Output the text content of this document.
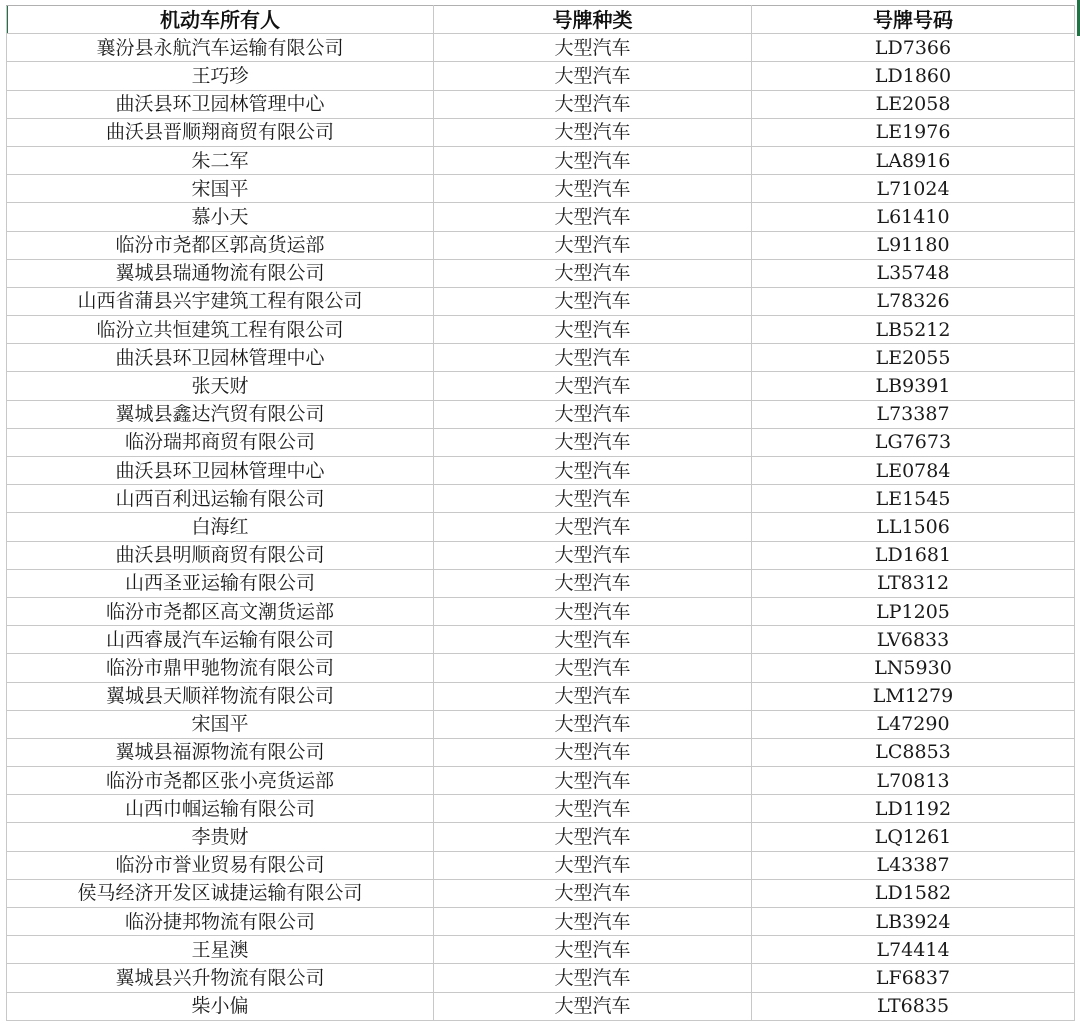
机动车所有人	号牌种类	号牌号码
襄汾县永航汽车运输有限公司	大型汽车	LD7366
王巧珍	大型汽车	LD1860
曲沃县环卫园林管理中心	大型汽车	LE2058
曲沃县晋顺翔商贸有限公司	大型汽车	LE1976
朱二军	大型汽车	LA8916
宋国平	大型汽车	L71024
慕小天	大型汽车	L61410
临汾市尧都区郭高货运部	大型汽车	L91180
翼城县瑞通物流有限公司	大型汽车	L35748
山西省蒲县兴宇建筑工程有限公司	大型汽车	L78326
临汾立共恒建筑工程有限公司	大型汽车	LB5212
曲沃县环卫园林管理中心	大型汽车	LE2055
张天财	大型汽车	LB9391
翼城县鑫达汽贸有限公司	大型汽车	L73387
临汾瑞邦商贸有限公司	大型汽车	LG7673
曲沃县环卫园林管理中心	大型汽车	LE0784
山西百利迅运输有限公司	大型汽车	LE1545
白海红	大型汽车	LL1506
曲沃县明顺商贸有限公司	大型汽车	LD1681
山西圣亚运输有限公司	大型汽车	LT8312
临汾市尧都区高文潮货运部	大型汽车	LP1205
山西睿晟汽车运输有限公司	大型汽车	LV6833
临汾市鼎甲驰物流有限公司	大型汽车	LN5930
翼城县天顺祥物流有限公司	大型汽车	LM1279
宋国平	大型汽车	L47290
翼城县福源物流有限公司	大型汽车	LC8853
临汾市尧都区张小亮货运部	大型汽车	L70813
山西巾帼运输有限公司	大型汽车	LD1192
李贵财	大型汽车	LQ1261
临汾市誉业贸易有限公司	大型汽车	L43387
侯马经济开发区诚捷运输有限公司	大型汽车	LD1582
临汾捷邦物流有限公司	大型汽车	LB3924
王星澳	大型汽车	L74414
翼城县兴升物流有限公司	大型汽车	LF6837
柴小偏	大型汽车	LT6835
